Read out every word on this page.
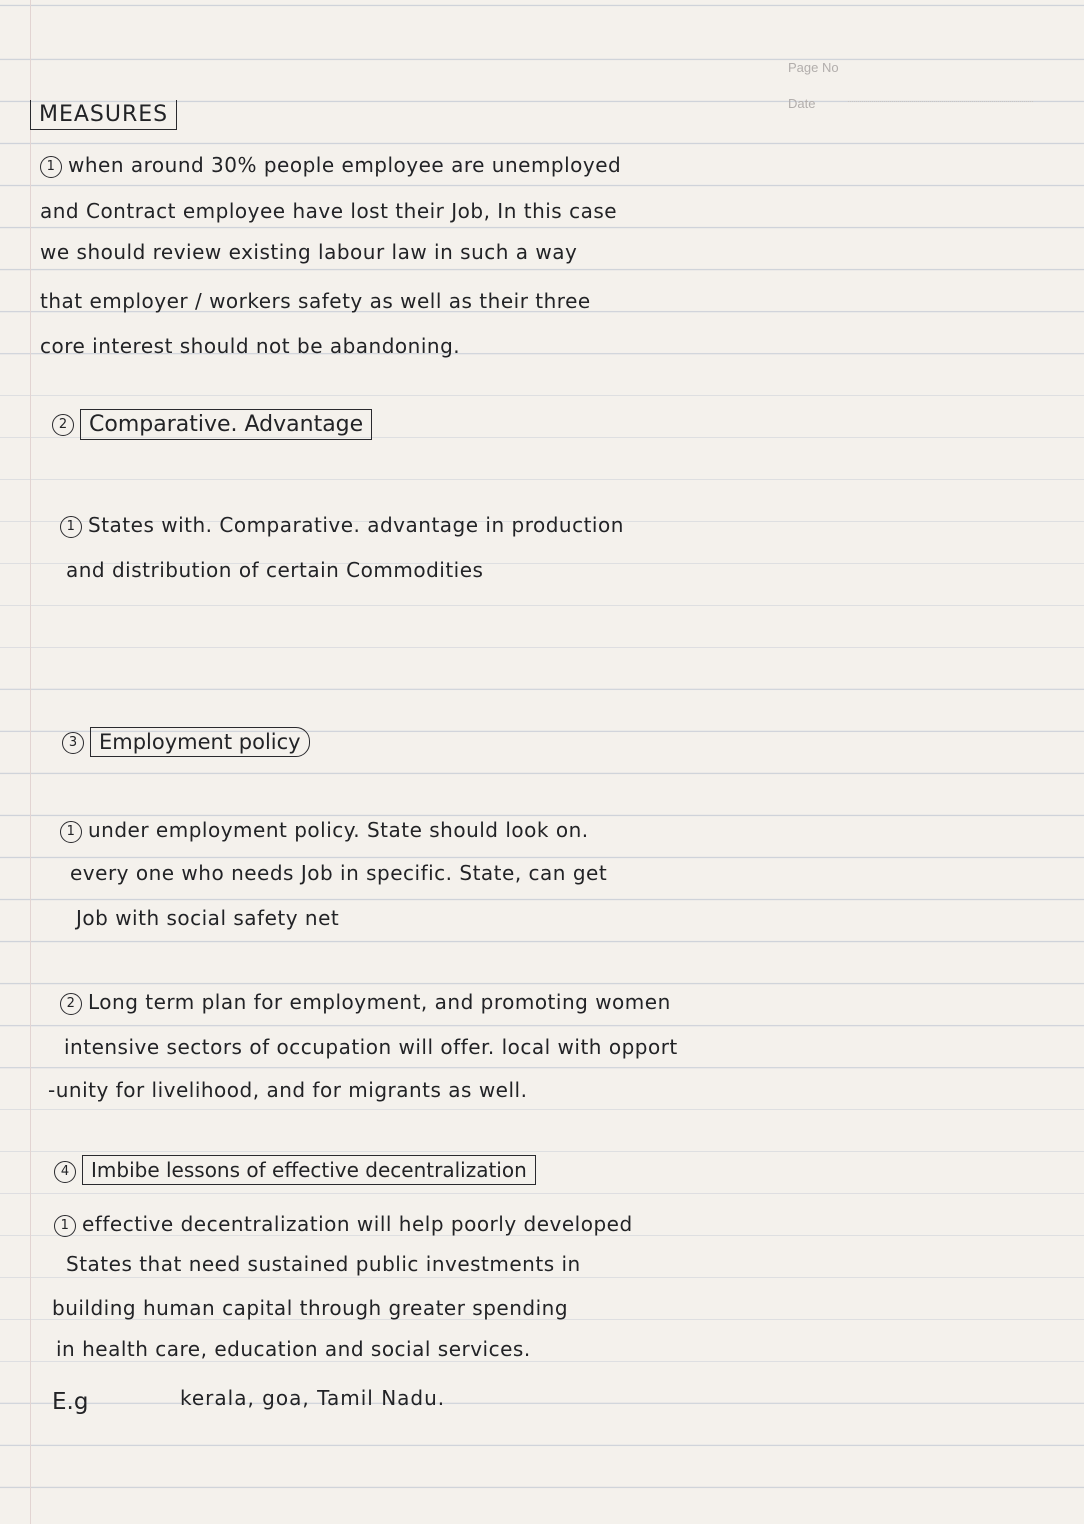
Page No
Date
MEASURES
1 when around 30% people employee are unemployed
and Contract employee have lost their Job, In this case
we should review existing labour law in such a way
that employer / workers safety as well as their three
core interest should not be abandoning.
2 Comparative. Advantage
1 States with. Comparative. advantage in production
and distribution of certain Commodities
3 Employment policy
1 under employment policy. State should look on.
every one who needs Job in specific. State, can get
Job with social safety net
2 Long term plan for employment, and promoting women
intensive sectors of occupation will offer. local with opport
-unity for livelihood, and for migrants as well.
4 Imbibe lessons of effective decentralization
1 effective decentralization will help poorly developed
States that need sustained public investments in
building human capital through greater spending
in health care, education and social services.
E.g	kerala, goa, Tamil Nadu.
